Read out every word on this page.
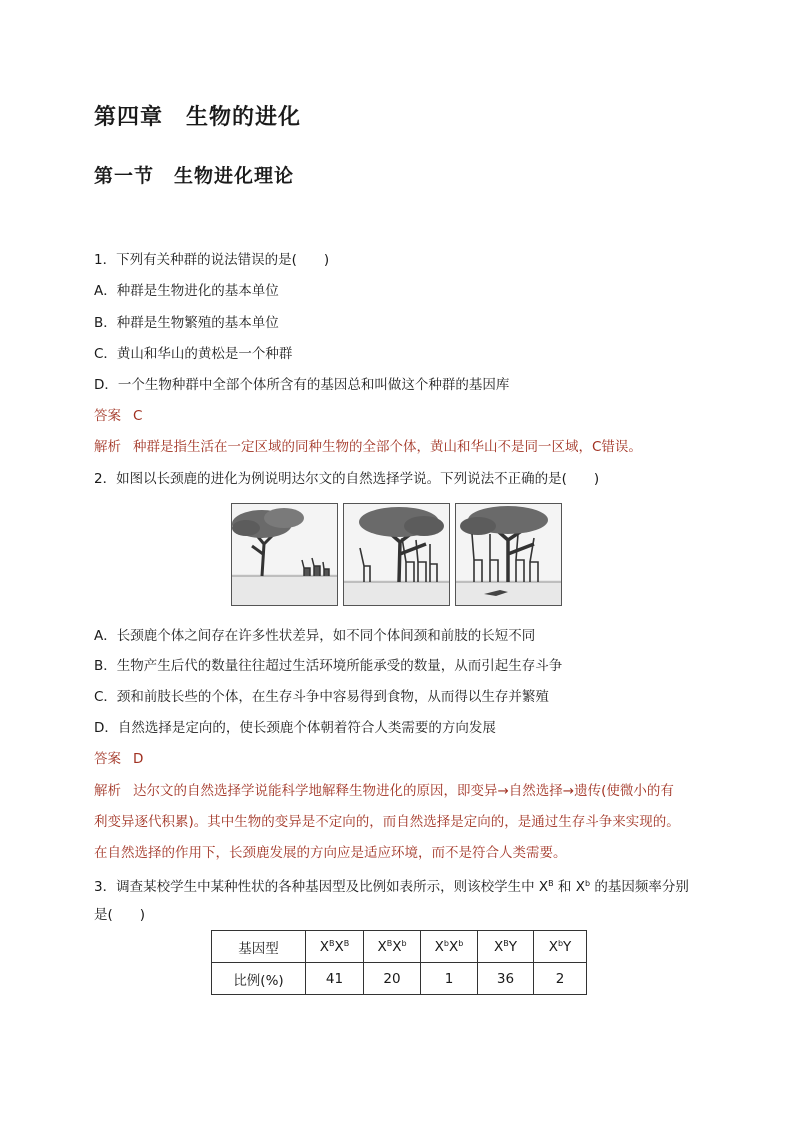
第四章　生物的进化
第一节　生物进化理论
1．下列有关种群的说法错误的是(　　)
A．种群是生物进化的基本单位
B．种群是生物繁殖的基本单位
C．黄山和华山的黄松是一个种群
D．一个生物种群中全部个体所含有的基因总和叫做这个种群的基因库
答案 C
解析 种群是指生活在一定区域的同种生物的全部个体，黄山和华山不是同一区域，C错误。
2．如图以长颈鹿的进化为例说明达尔文的自然选择学说。下列说法不正确的是(　　)
A．长颈鹿个体之间存在许多性状差异，如不同个体间颈和前肢的长短不同
B．生物产生后代的数量往往超过生活环境所能承受的数量，从而引起生存斗争
C．颈和前肢长些的个体，在生存斗争中容易得到食物，从而得以生存并繁殖
D．自然选择是定向的，使长颈鹿个体朝着符合人类需要的方向发展
答案 D
解析 达尔文的自然选择学说能科学地解释生物进化的原因，即变异→自然选择→遗传(使微小的有
利变异逐代积累)。其中生物的变异是不定向的，而自然选择是定向的，是通过生存斗争来实现的。
在自然选择的作用下，长颈鹿发展的方向应是适应环境，而不是符合人类需要。
3．调查某校学生中某种性状的各种基因型及比例如表所示，则该校学生中 $X^B$ 和 $X^b$ 的基因频率分别
是(　　)
基因型	$X^BX^B$	$X^BX^b$	$X^bX^b$	$X^BY$	$X^bY$
比例(%)	41	20	1	36	2
